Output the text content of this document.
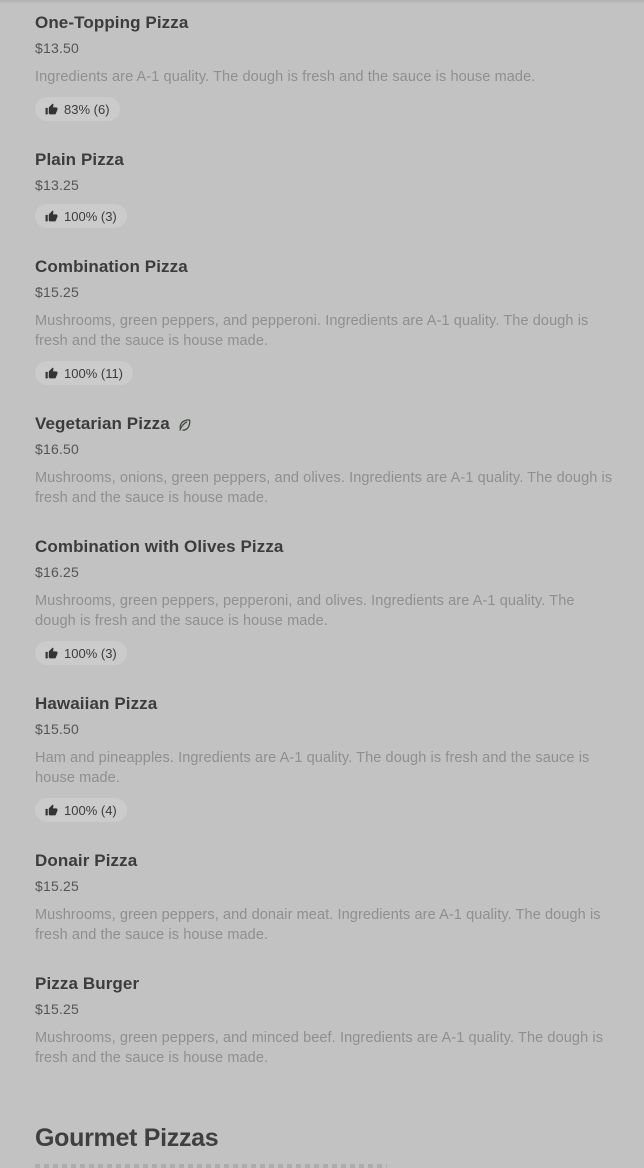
One-Topping Pizza
$13.50
Ingredients are A-1 quality. The dough is fresh and the sauce is house made.
83% (6)
Plain Pizza
$13.25
100% (3)
Combination Pizza
$15.25
Mushrooms, green peppers, and pepperoni. Ingredients are A-1 quality. The dough is fresh and the sauce is house made.
100% (11)
Vegetarian Pizza
$16.50
Mushrooms, onions, green peppers, and olives. Ingredients are A-1 quality. The dough is fresh and the sauce is house made.
Combination with Olives Pizza
$16.25
Mushrooms, green peppers, pepperoni, and olives. Ingredients are A-1 quality. The dough is fresh and the sauce is house made.
100% (3)
Hawaiian Pizza
$15.50
Ham and pineapples. Ingredients are A-1 quality. The dough is fresh and the sauce is house made.
100% (4)
Donair Pizza
$15.25
Mushrooms, green peppers, and donair meat. Ingredients are A-1 quality. The dough is fresh and the sauce is house made.
Pizza Burger
$15.25
Mushrooms, green peppers, and minced beef. Ingredients are A-1 quality. The dough is fresh and the sauce is house made.
Gourmet Pizzas
